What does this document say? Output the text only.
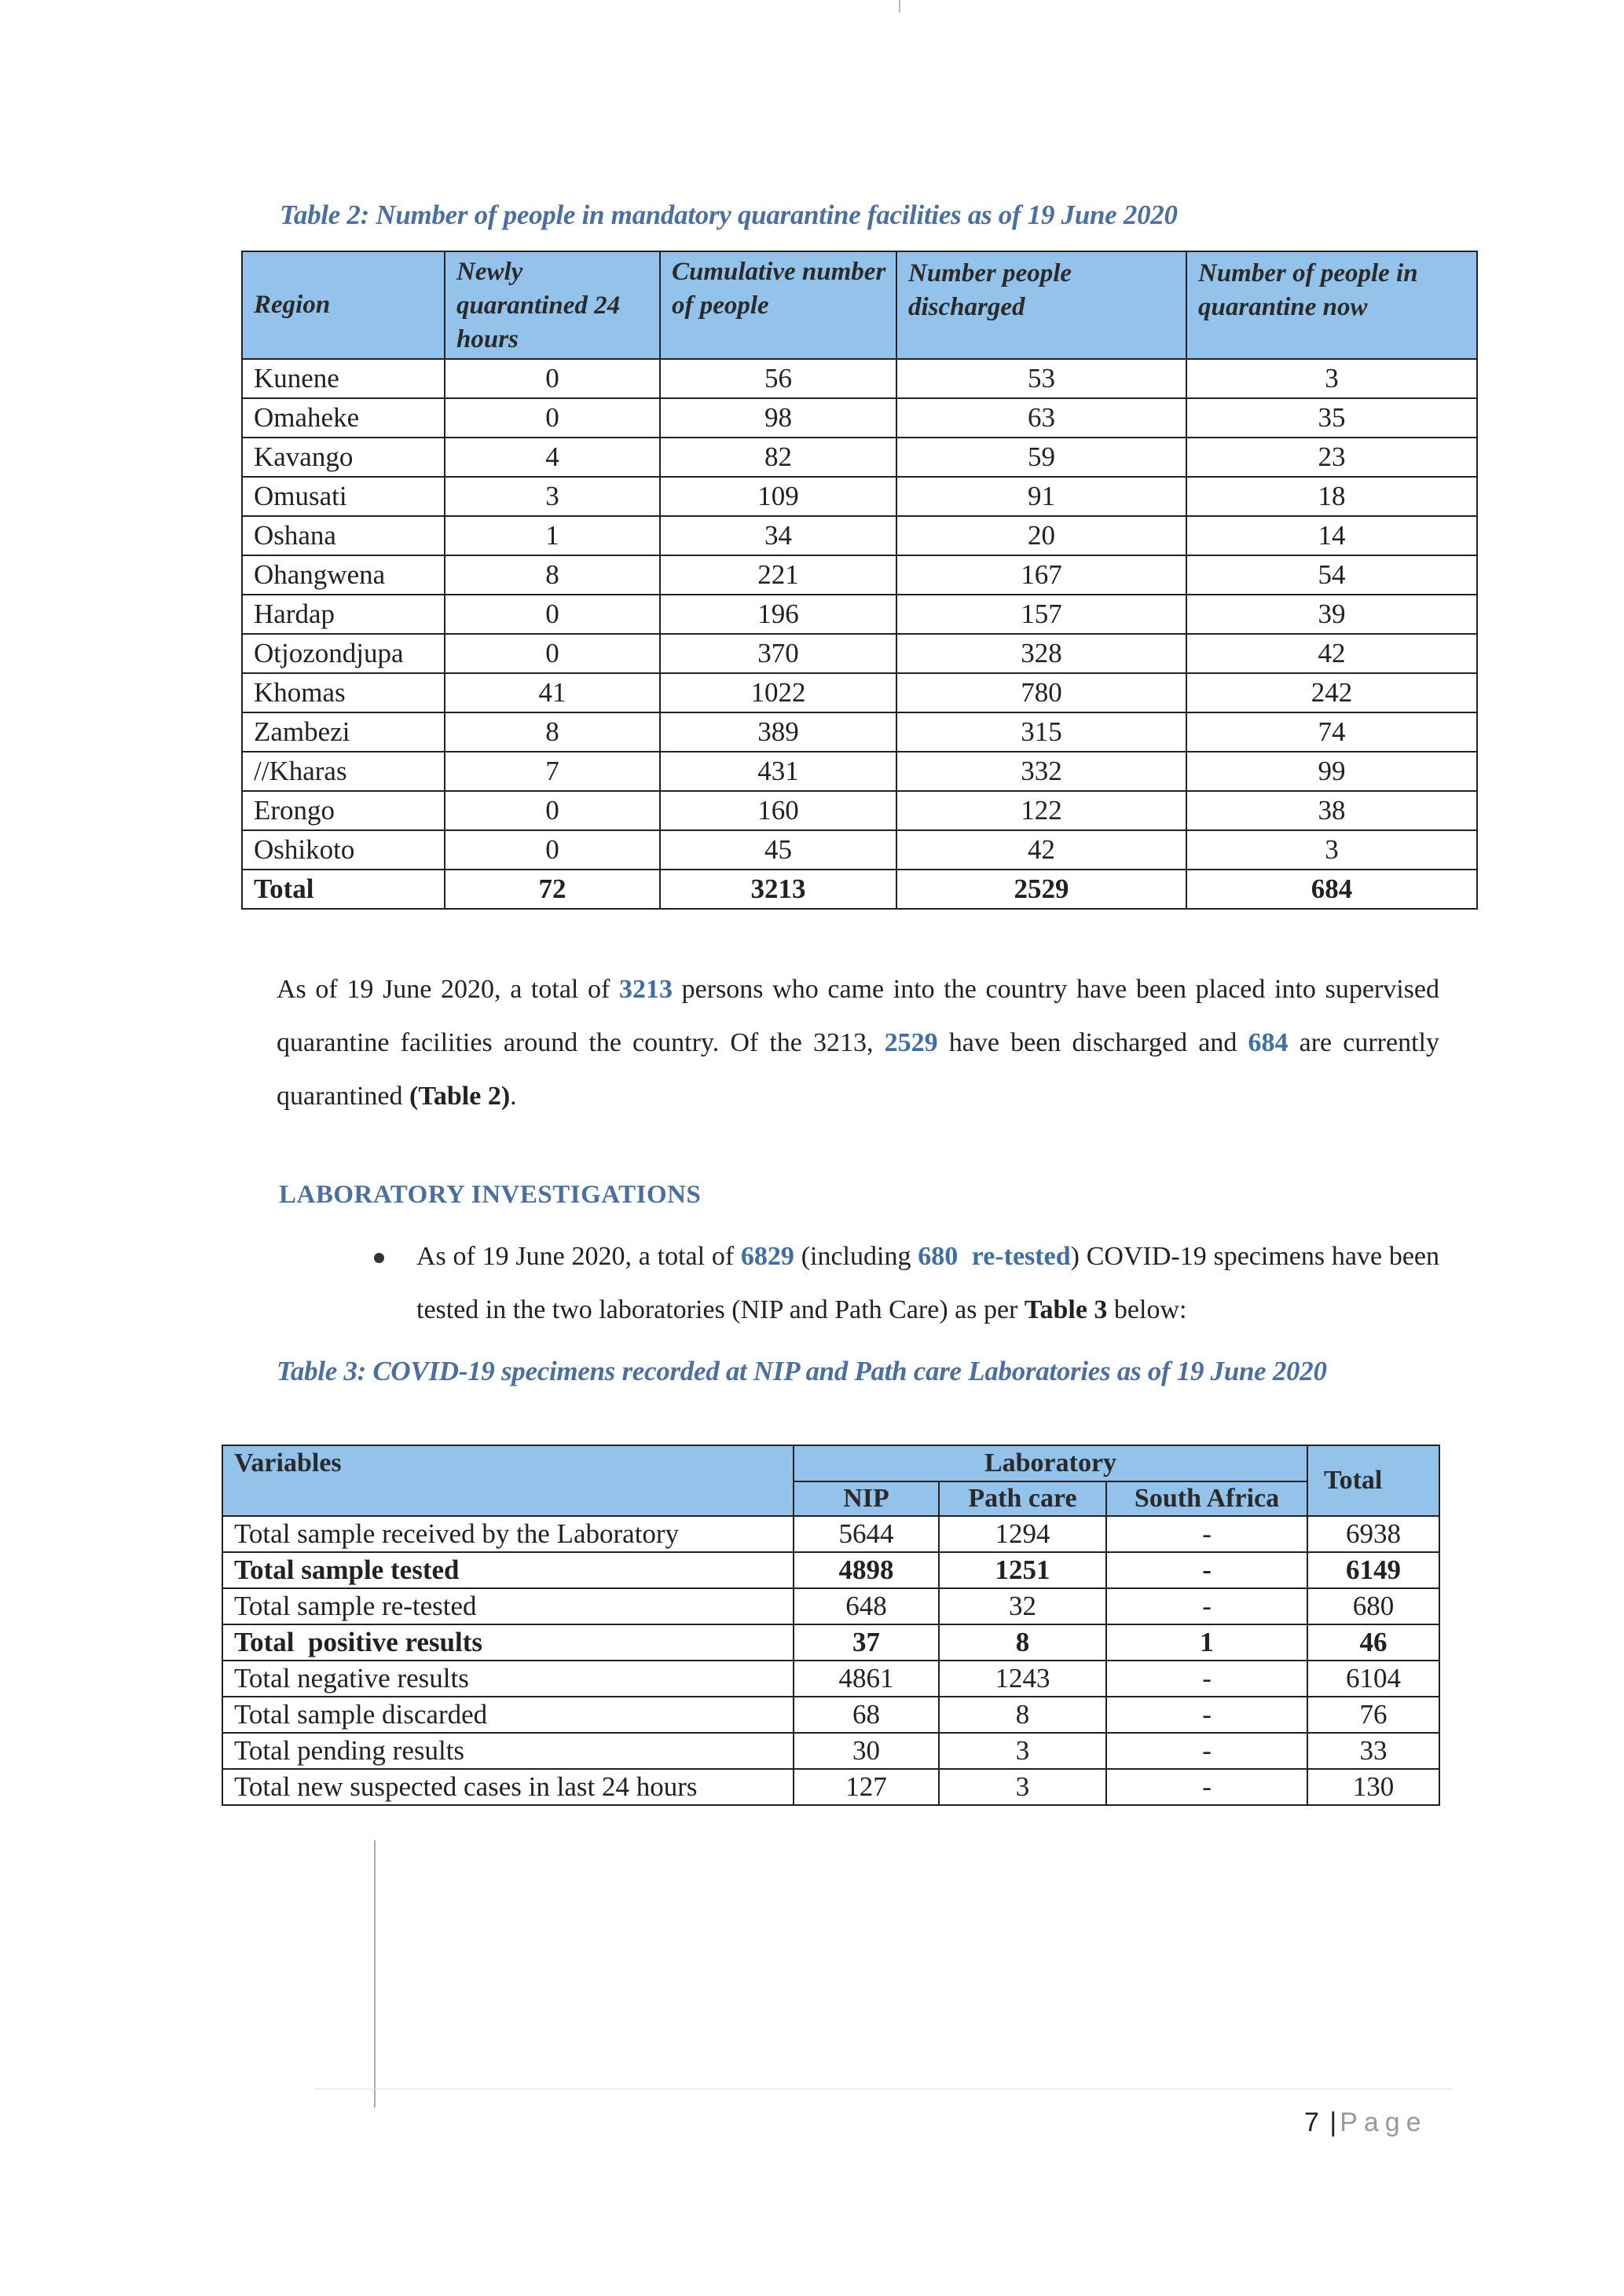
Table 2: Number of people in mandatory quarantine facilities as of 19 June 2020
Region	Newly quarantined 24 hours	Cumulative number of people	Number people discharged	Number of people in quarantine now
Kunene	0	56	53	3
Omaheke	0	98	63	35
Kavango	4	82	59	23
Omusati	3	109	91	18
Oshana	1	34	20	14
Ohangwena	8	221	167	54
Hardap	0	196	157	39
Otjozondjupa	0	370	328	42
Khomas	41	1022	780	242
Zambezi	8	389	315	74
//Kharas	7	431	332	99
Erongo	0	160	122	38
Oshikoto	0	45	42	3
Total	72	3213	2529	684
As of 19 June 2020, a total of 3213 persons who came into the country have been placed into supervised quarantine facilities around the country. Of the 3213, 2529 have been discharged and 684 are currently quarantined (Table 2).
LABORATORY INVESTIGATIONS
As of 19 June 2020, a total of 6829 (including 680  re-tested) COVID-19 specimens have been tested in the two laboratories (NIP and Path Care) as per Table 3 below:
Table 3: COVID-19 specimens recorded at NIP and Path care Laboratories as of 19 June 2020
Variables	Laboratory			Total
	NIP	Path care	South Africa	
Total sample received by the Laboratory	5644	1294	-	6938
Total sample tested	4898	1251	-	6149
Total sample re-tested	648	32	-	680
Total  positive results	37	8	1	46
Total negative results	4861	1243	-	6104
Total sample discarded	68	8	-	76
Total pending results	30	3	-	33
Total new suspected cases in last 24 hours	127	3	-	130
7 | Page
